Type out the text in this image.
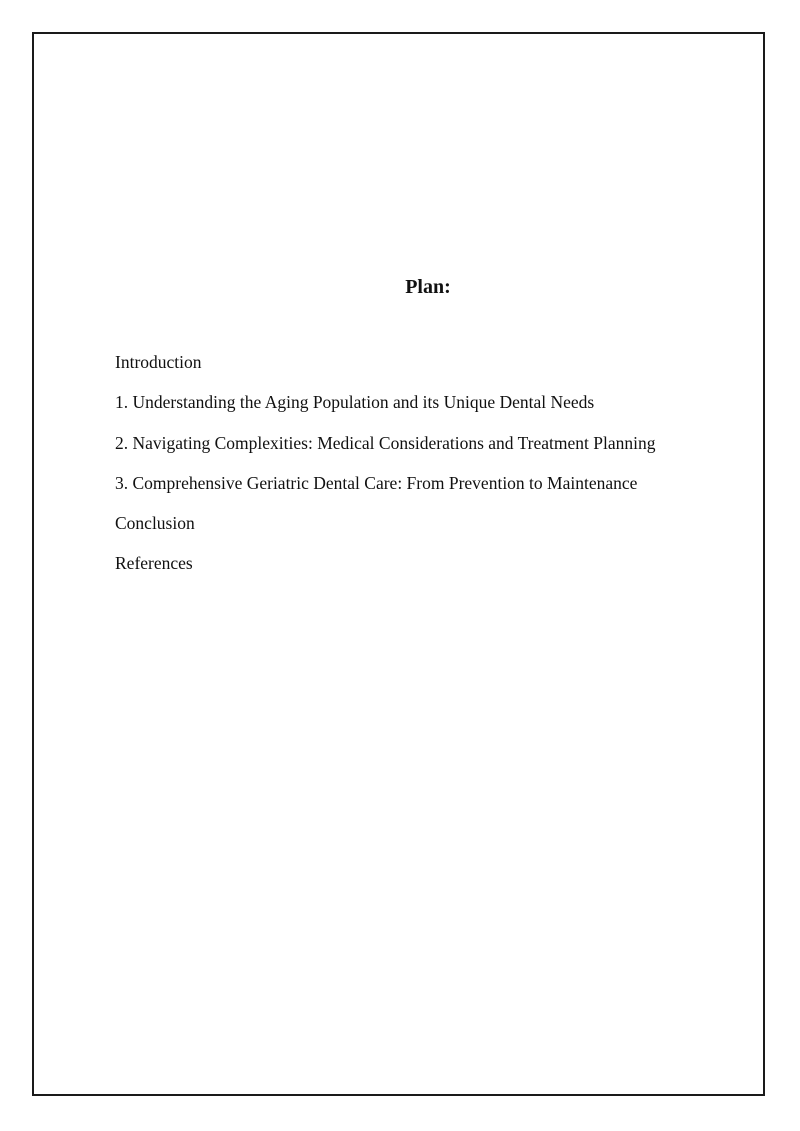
Plan:
Introduction
1. Understanding the Aging Population and its Unique Dental Needs
2. Navigating Complexities: Medical Considerations and Treatment Planning
3. Comprehensive Geriatric Dental Care: From Prevention to Maintenance
Conclusion
References
